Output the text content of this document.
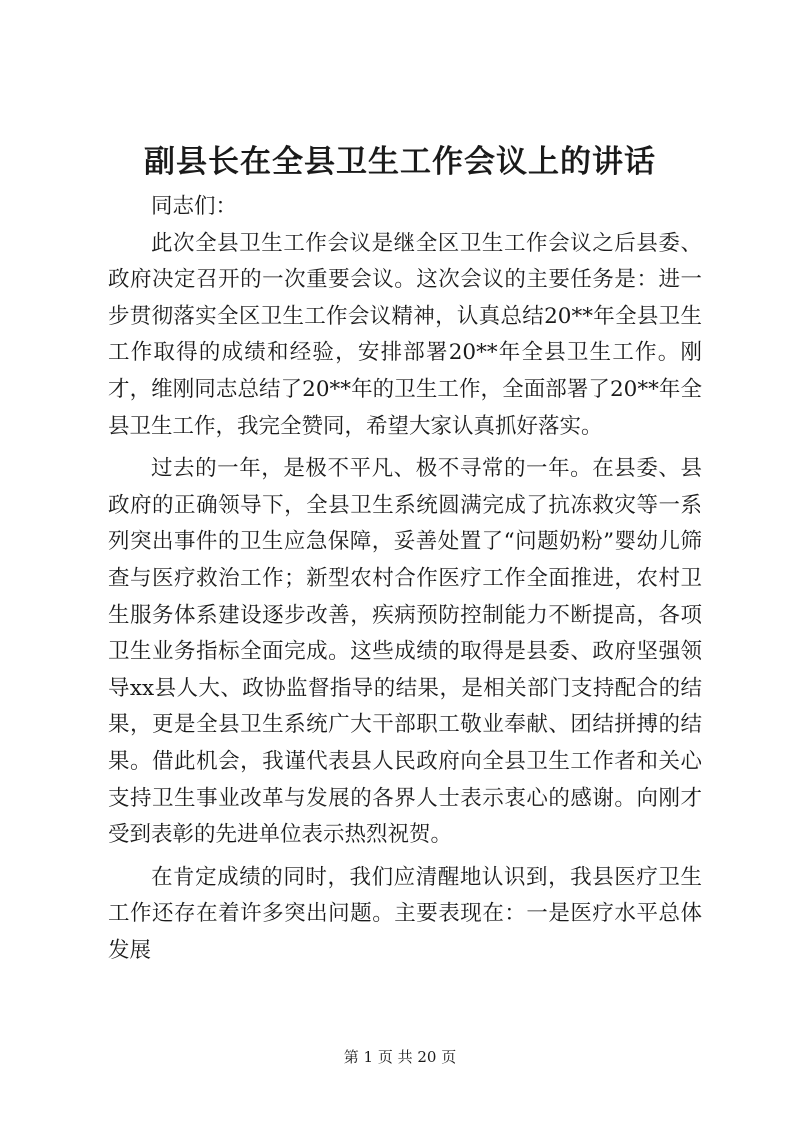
副县长在全县卫生工作会议上的讲话

同志们：

此次全县卫生工作会议是继全区卫生工作会议之后县委、政府决定召开的一次重要会议。这次会议的主要任务是：进一步贯彻落实全区卫生工作会议精神，认真总结20**年全县卫生工作取得的成绩和经验，安排部署20**年全县卫生工作。刚才，维刚同志总结了20**年的卫生工作，全面部署了20**年全县卫生工作，我完全赞同，希望大家认真抓好落实。

过去的一年，是极不平凡、极不寻常的一年。在县委、县政府的正确领导下，全县卫生系统圆满完成了抗冻救灾等一系列突出事件的卫生应急保障，妥善处置了“问题奶粉”婴幼儿筛查与医疗救治工作；新型农村合作医疗工作全面推进，农村卫生服务体系建设逐步改善，疾病预防控制能力不断提高，各项卫生业务指标全面完成。这些成绩的取得是县委、政府坚强领导xx县人大、政协监督指导的结果，是相关部门支持配合的结果，更是全县卫生系统广大干部职工敬业奉献、团结拼搏的结果。借此机会，我谨代表县人民政府向全县卫生工作者和关心支持卫生事业改革与发展的各界人士表示衷心的感谢。向刚才受到表彰的先进单位表示热烈祝贺。

在肯定成绩的同时，我们应清醒地认识到，我县医疗卫生工作还存在着许多突出问题。主要表现在：一是医疗水平总体发展

第 1 页 共 20 页
